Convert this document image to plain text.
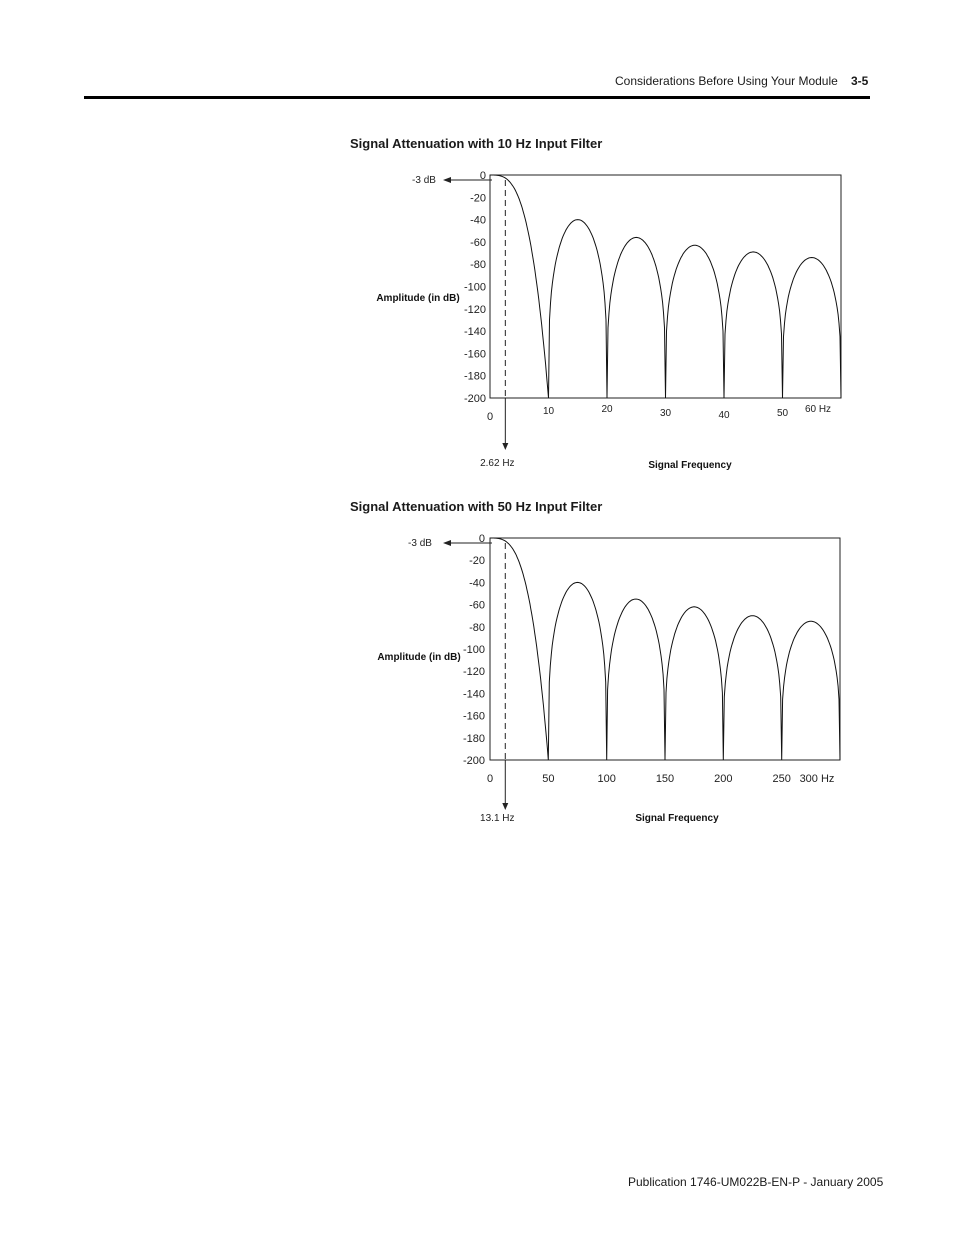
Considerations Before Using Your Module 3-5
Signal Attenuation with 10 Hz Input Filter
0
-20
-40
-60
-80
-100
-120
-140
-160
-180
-200
0	10	20	30	40	50 60 Hz
Amplitude (in dB)
Signal Frequency
-3 dB
2.62 Hz
Signal Attenuation with 50 Hz Input Filter
0
-20
-40
-60
-80
-100
-120
-140
-160
-180
-200
0	50	100	150	200	250 300 Hz
Amplitude (in dB)
Signal Frequency
-3 dB
13.1 Hz
Publication 1746-UM022B-EN-P - January 2005
